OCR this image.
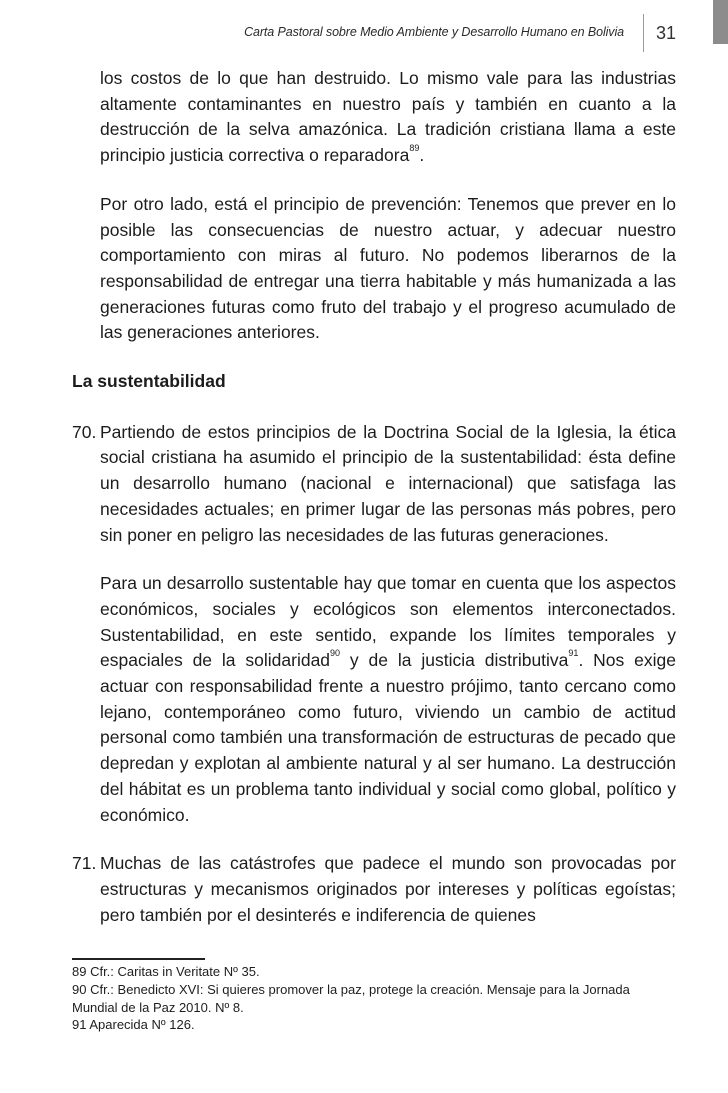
Carta Pastoral sobre Medio Ambiente y Desarrollo Humano en Bolivia 31

los costos de lo que han destruido. Lo mismo vale para las industrias altamente contaminantes en nuestro país y también en cuanto a la destrucción de la selva amazónica. La tradición cristiana llama a este principio justicia correctiva o reparadora$^{89}$.

Por otro lado, está el principio de prevención: Tenemos que prever en lo posible las consecuencias de nuestro actuar, y adecuar nuestro comportamiento con miras al futuro. No podemos liberarnos de la responsabilidad de entregar una tierra habitable y más humanizada a las generaciones futuras como fruto del trabajo y el progreso acumulado de las generaciones anteriores.

La sustentabilidad

70. Partiendo de estos principios de la Doctrina Social de la Iglesia, la ética social cristiana ha asumido el principio de la sustentabilidad: ésta define un desarrollo humano (nacional e internacional) que satisfaga las necesidades actuales; en primer lugar de las personas más pobres, pero sin poner en peligro las necesidades de las futuras generaciones.

Para un desarrollo sustentable hay que tomar en cuenta que los aspectos económicos, sociales y ecológicos son elementos interconectados. Sustentabilidad, en este sentido, expande los límites temporales y espaciales de la solidaridad$^{90}$ y de la justicia distributiva$^{91}$. Nos exige actuar con responsabilidad frente a nuestro prójimo, tanto cercano como lejano, contemporáneo como futuro, viviendo un cambio de actitud personal como también una transformación de estructuras de pecado que depredan y explotan al ambiente natural y al ser humano. La destrucción del hábitat es un problema tanto individual y social como global, político y económico.

71. Muchas de las catástrofes que padece el mundo son provocadas por estructuras y mecanismos originados por intereses y políticas egoístas; pero también por el desinterés e indiferencia de quienes

89 Cfr.: Caritas in Veritate Nº 35.

90 Cfr.: Benedicto XVI: Si quieres promover la paz, protege la creación. Mensaje para la Jornada

Mundial de la Paz 2010. Nº 8.

91 Aparecida Nº 126.
